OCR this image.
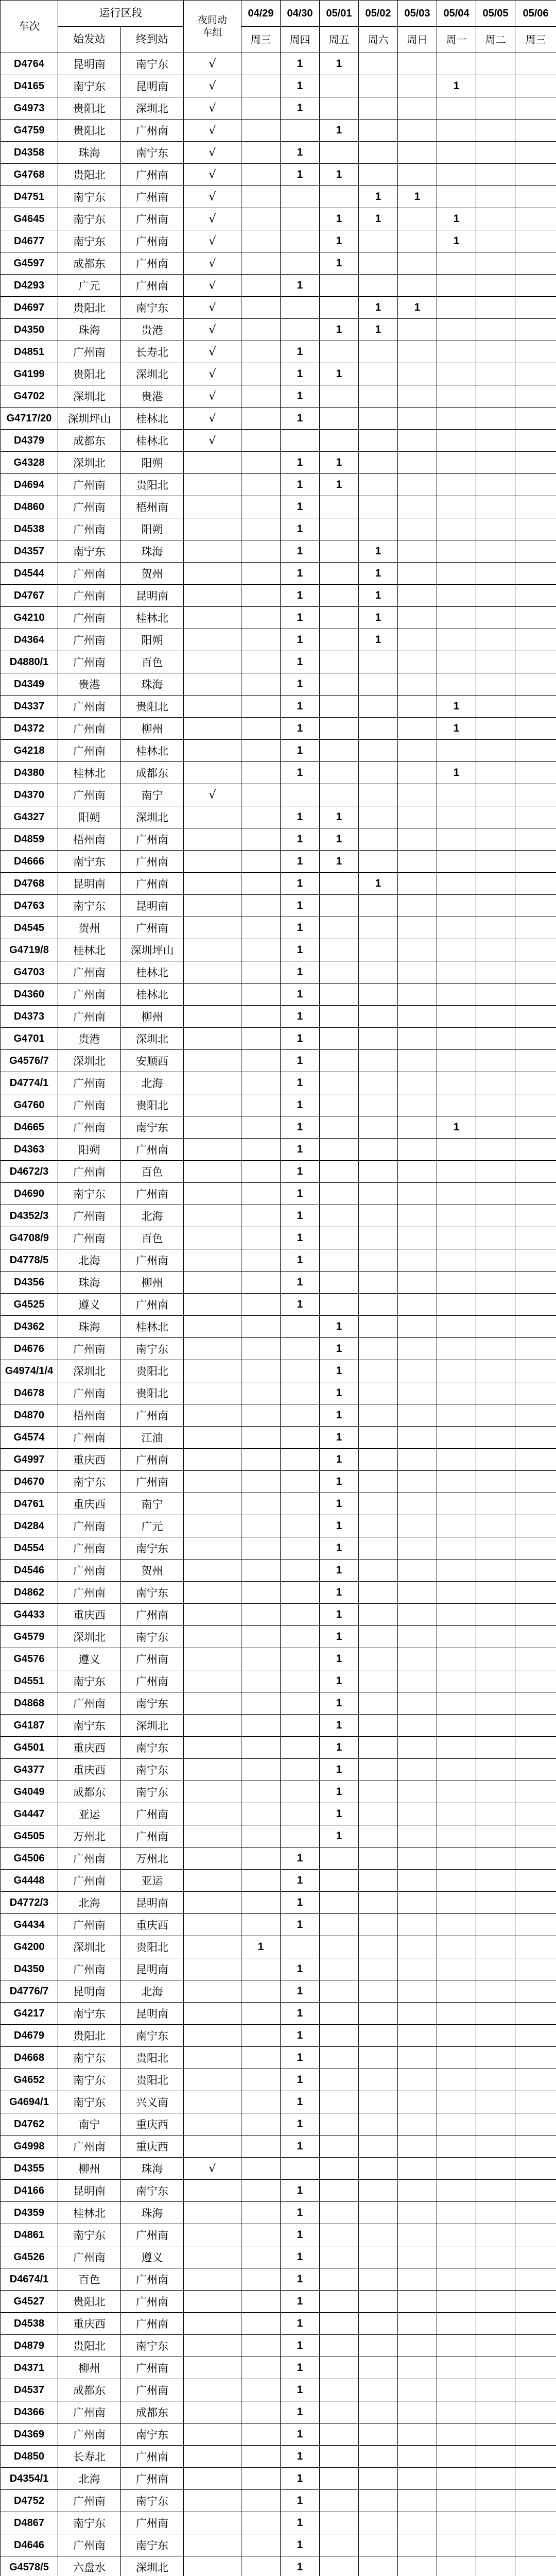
车次	运行区段		夜间动
车组	04/29	04/30	05/01	05/02	05/03	05/04	05/05	05/06
	始发站	终到站		周三	周四	周五	周六	周日	周一	周二	周三
D4764	昆明南	南宁东	√		1	1					
D4165	南宁东	昆明南	√		1				1		
G4973	贵阳北	深圳北	√		1						
G4759	贵阳北	广州南	√			1					
D4358	珠海	南宁东	√		1						
G4768	贵阳北	广州南	√		1	1					
D4751	南宁东	广州南	√				1	1			
G4645	南宁东	广州南	√			1	1		1		
D4677	南宁东	广州南	√			1			1		
G4597	成都东	广州南	√			1					
D4293	广元	广州南	√		1						
D4697	贵阳北	南宁东	√				1	1			
D4350	珠海	贵港	√			1	1				
D4851	广州南	长寿北	√		1						
G4199	贵阳北	深圳北	√		1	1					
G4702	深圳北	贵港	√		1						
G4717/20	深圳坪山	桂林北	√		1						
D4379	成都东	桂林北	√								
G4328	深圳北	阳朔			1	1					
D4694	广州南	贵阳北			1	1					
D4860	广州南	梧州南			1						
D4538	广州南	阳朔			1						
D4357	南宁东	珠海			1		1				
D4544	广州南	贺州			1		1				
D4767	广州南	昆明南			1		1				
G4210	广州南	桂林北			1		1				
D4364	广州南	阳朔			1		1				
D4880/1	广州南	百色			1						
D4349	贵港	珠海			1						
D4337	广州南	贵阳北			1				1		
D4372	广州南	柳州			1				1		
G4218	广州南	桂林北			1						
D4380	桂林北	成都东			1				1		
D4370	广州南	南宁	√								
G4327	阳朔	深圳北			1	1					
D4859	梧州南	广州南			1	1					
D4666	南宁东	广州南			1	1					
D4768	昆明南	广州南			1		1				
D4763	南宁东	昆明南			1						
D4545	贺州	广州南			1						
G4719/8	桂林北	深圳坪山			1						
G4703	广州南	桂林北			1						
D4360	广州南	桂林北			1						
D4373	广州南	柳州			1						
G4701	贵港	深圳北			1						
G4576/7	深圳北	安顺西			1						
D4774/1	广州南	北海			1						
G4760	广州南	贵阳北			1						
D4665	广州南	南宁东			1				1		
D4363	阳朔	广州南			1						
D4672/3	广州南	百色			1						
D4690	南宁东	广州南			1						
D4352/3	广州南	北海			1						
G4708/9	广州南	百色			1						
D4778/5	北海	广州南			1						
D4356	珠海	柳州			1						
G4525	遵义	广州南			1						
D4362	珠海	桂林北				1					
D4676	广州南	南宁东				1					
G4974/1/4	深圳北	贵阳北				1					
D4678	广州南	贵阳北				1					
D4870	梧州南	广州南				1					
G4574	广州南	江油				1					
G4997	重庆西	广州南				1					
D4670	南宁东	广州南				1					
D4761	重庆西	南宁				1					
D4284	广州南	广元				1					
D4554	广州南	南宁东				1					
D4546	广州南	贺州				1					
D4862	广州南	南宁东				1					
G4433	重庆西	广州南				1					
G4579	深圳北	南宁东				1					
G4576	遵义	广州南				1					
D4551	南宁东	广州南				1					
D4868	广州南	南宁东				1					
G4187	南宁东	深圳北				1					
G4501	重庆西	南宁东				1					
G4377	重庆西	南宁东				1					
G4049	成都东	南宁东				1					
G4447	亚运	广州南				1					
G4505	万州北	广州南				1					
G4506	广州南	万州北			1						
G4448	广州南	亚运			1						
D4772/3	北海	昆明南			1						
G4434	广州南	重庆西			1						
G4200	深圳北	贵阳北		1							
D4350	广州南	昆明南			1						
D4776/7	昆明南	北海			1						
G4217	南宁东	昆明南			1						
D4679	贵阳北	南宁东			1						
D4668	南宁东	贵阳北			1						
G4652	南宁东	贵阳北			1						
G4694/1	南宁东	兴义南			1						
D4762	南宁	重庆西			1						
G4998	广州南	重庆西			1						
D4355	柳州	珠海	√								
D4166	昆明南	南宁东			1						
D4359	桂林北	珠海			1						
D4861	南宁东	广州南			1						
G4526	广州南	遵义			1						
D4674/1	百色	广州南			1						
G4527	贵阳北	广州南			1						
D4538	重庆西	广州南			1						
D4879	贵阳北	南宁东			1						
D4371	柳州	广州南			1						
D4537	成都东	广州南			1						
D4366	广州南	成都东			1						
D4369	广州南	南宁东			1						
D4850	长寿北	广州南			1						
D4354/1	北海	广州南			1						
D4752	广州南	南宁东			1						
D4867	南宁东	广州南			1						
D4646	广州南	南宁东			1						
G4578/5	六盘水	深圳北			1						
